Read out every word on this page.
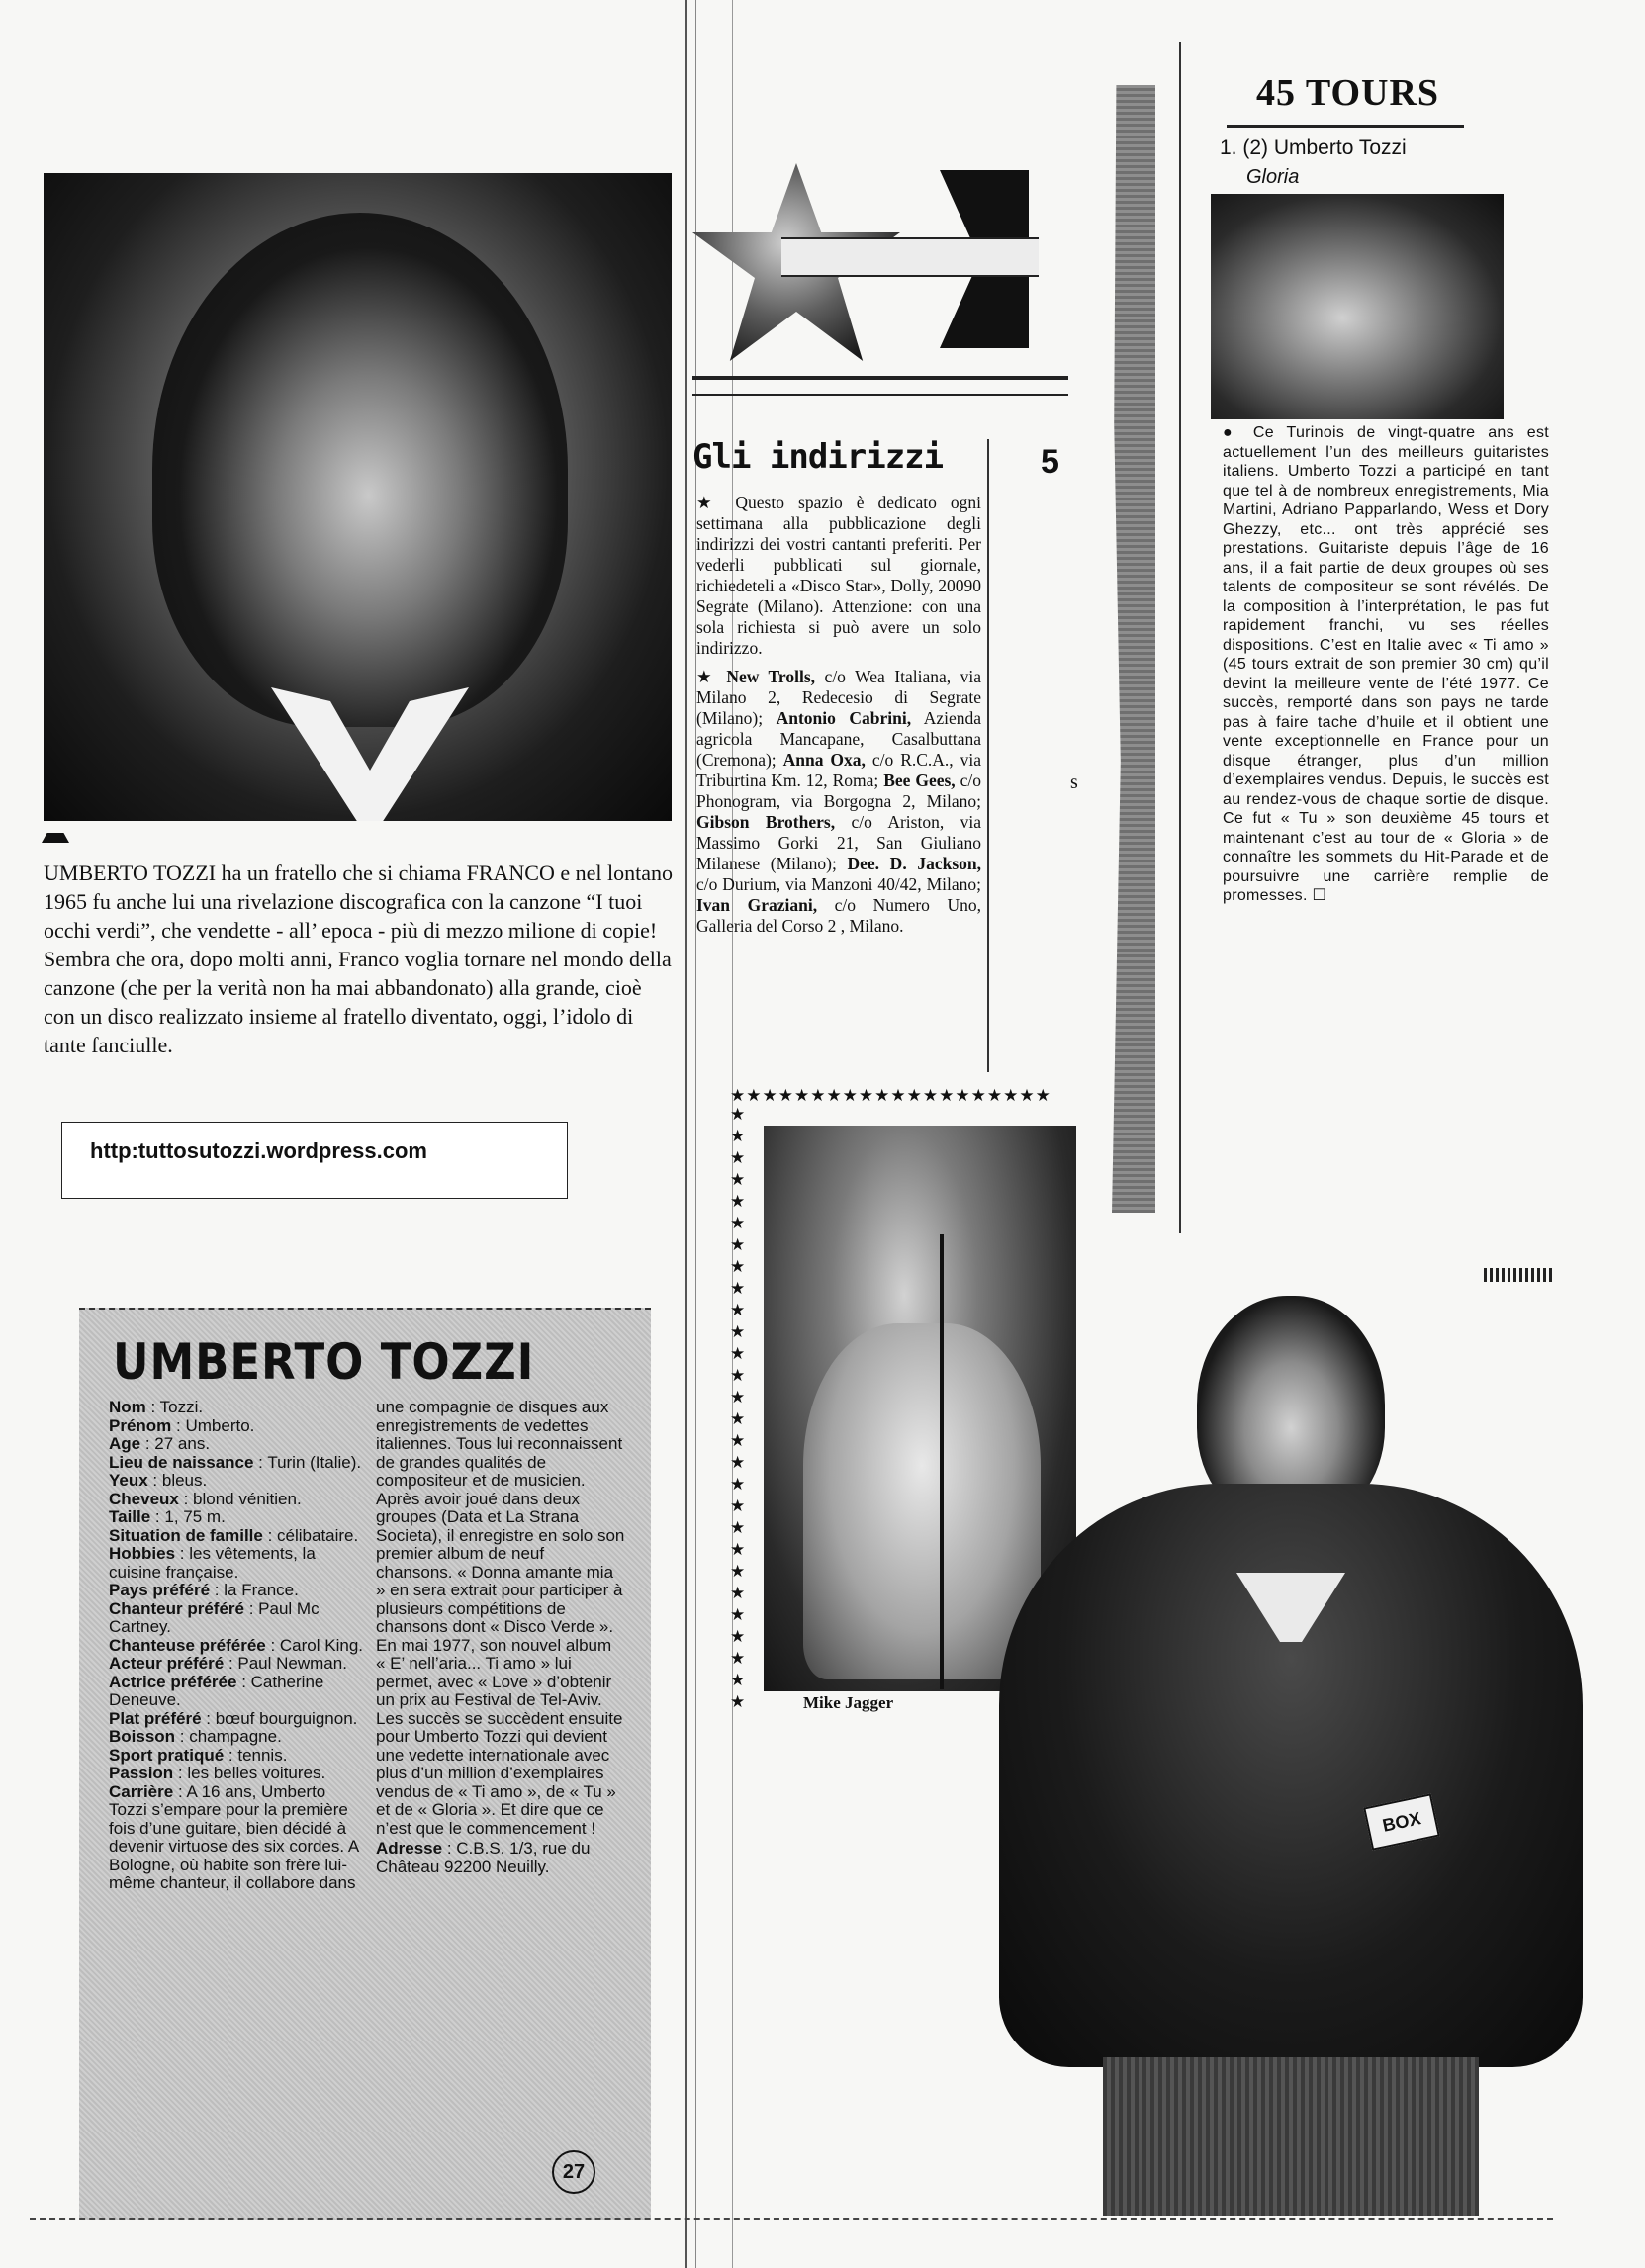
UMBERTO TOZZI ha un fratello che si chiama FRANCO e nel lontano 1965 fu anche lui una rivelazione discografica con la canzone “I tuoi occhi verdi”, che vendette - all’ epoca - più di mezzo milione di copie! Sembra che ora, dopo molti anni, Franco voglia tornare nel mondo della canzone (che per la verità non ha mai abbandonato) alla grande, cioè con un disco realizzato insieme al fratello diventato, oggi, l’idolo di tante fanciulle.
http:tuttosutozzi.wordpress.com
Gli indirizzi	5
s
★ Questo spazio è dedicato ogni settimana alla pubblicazione degli indirizzi dei vostri cantanti preferiti. Per vederli pubblicati sul giornale, richiedeteli a «Disco Star», Dolly, 20090 Segrate (Milano). Attenzione: con una sola richiesta si può avere un solo indirizzo.
★ New Trolls, c/o Wea Italiana, via Milano 2, Redecesio di Segrate (Milano); Antonio Cabrini, Azienda agricola Mancapane, Casalbuttana (Cremona); Anna Oxa, c/o R.C.A., via Triburtina Km. 12, Roma; Bee Gees, c/o Phonogram, via Borgogna 2, Milano; Gibson Brothers, c/o Ariston, via Massimo Gorki 21, San Giuliano Milanese (Milano); Dee. D. Jackson, c/o Durium, via Manzoni 40/42, Milano; Ivan Graziani, c/o Numero Uno, Galleria del Corso 2 , Milano.
★★★★★★★★★★★★★★★★★★★★
★ ★ ★ ★ ★ ★ ★ ★ ★ ★ ★ ★ ★ ★ ★ ★ ★ ★ ★ ★ ★ ★ ★ ★ ★ ★ ★ ★	Mike Jagger
45 TOURS
1. (2) Umberto Tozzi
Gloria
● Ce Turinois de vingt-quatre ans est actuellement l’un des meilleurs guitaristes italiens. Umberto Tozzi a participé en tant que tel à de nombreux enregistrements, Mia Martini, Adriano Papparlando, Wess et Dory Ghezzy, etc... ont très apprécié ses prestations. Guitariste depuis l’âge de 16 ans, il a fait partie de deux groupes où ses talents de compositeur se sont révélés. De la composition à l’interprétation, le pas fut rapidement franchi, vu ses réelles dispositions. C’est en Italie avec « Ti amo » (45 tours extrait de son premier 30 cm) qu’il devint la meilleure vente de l’été 1977. Ce succès, remporté dans son pays ne tarde pas à faire tache d’huile et il obtient une vente exceptionnelle en France pour un disque étranger, plus d’un million d’exemplaires vendus. Depuis, le succès est au rendez-vous de chaque sortie de disque. Ce fut « Tu » son deuxième 45 tours et maintenant c’est au tour de « Gloria » de connaître les sommets du Hit-Parade et de poursuivre une carrière remplie de promesses. ☐
UMBERTO TOZZI
Nom : Tozzi.
Prénom : Umberto.
Age : 27 ans.
Lieu de naissance : Turin (Italie).
Yeux : bleus.
Cheveux : blond vénitien.
Taille : 1, 75 m.
Situation de famille : célibataire.
Hobbies : les vêtements, la cuisine française.
Pays préféré : la France.
Chanteur préféré : Paul Mc Cartney.
Chanteuse préférée : Carol King.
Acteur préféré : Paul Newman.
Actrice préférée : Catherine Deneuve.
Plat préféré : bœuf bourguignon.
Boisson : champagne.
Sport pratiqué : tennis.
Passion : les belles voitures.
Carrière : A 16 ans, Umberto Tozzi s’empare pour la première fois d’une guitare, bien décidé à devenir virtuose des six cordes. A Bologne, où habite son frère lui-même chanteur, il collabore dans
une compagnie de disques aux enregistrements de vedettes italiennes. Tous lui reconnaissent de grandes qualités de compositeur et de musicien. Après avoir joué dans deux groupes (Data et La Strana Societa), il enregistre en solo son premier album de neuf chansons. « Donna amante mia » en sera extrait pour participer à plusieurs compétitions de chansons dont « Disco Verde ». En mai 1977, son nouvel album « E’ nell’aria... Ti amo » lui permet, avec « Love » d’obtenir un prix au Festival de Tel-Aviv. Les succès se succèdent ensuite pour Umberto Tozzi qui devient une vedette internationale avec plus d’un million d’exemplaires vendus de « Ti amo », de « Tu » et de « Gloria ». Et dire que ce n’est que le commencement !
Adresse : C.B.S. 1/3, rue du Château 92200 Neuilly.
27
BOX
